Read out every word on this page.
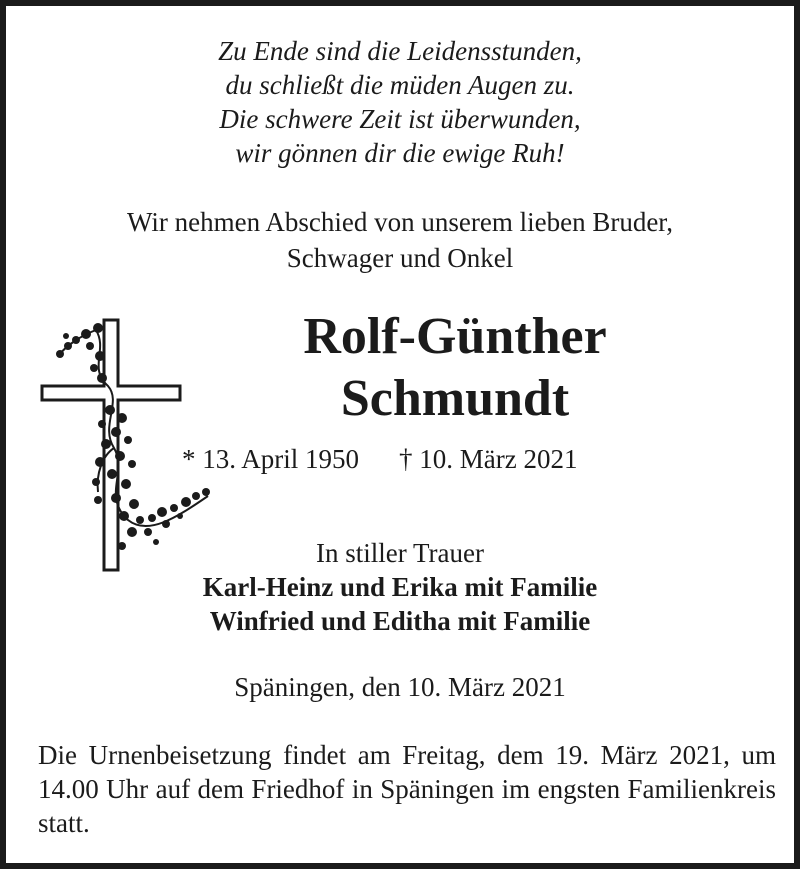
Zu Ende sind die Leidensstunden,
du schließt die müden Augen zu.
Die schwere Zeit ist überwunden,
wir gönnen dir die ewige Ruh!
Wir nehmen Abschied von unserem lieben Bruder,
Schwager und Onkel
Rolf-Günther
Schmundt
* 13. April 1950 † 10. März 2021
In stiller Trauer
Karl-Heinz und Erika mit Familie
Winfried und Editha mit Familie
Späningen, den 10. März 2021
Die Urnenbeisetzung findet am Freitag, dem 19. März 2021, um 14.00 Uhr auf dem Friedhof in Späningen im engsten Familienkreis statt.
